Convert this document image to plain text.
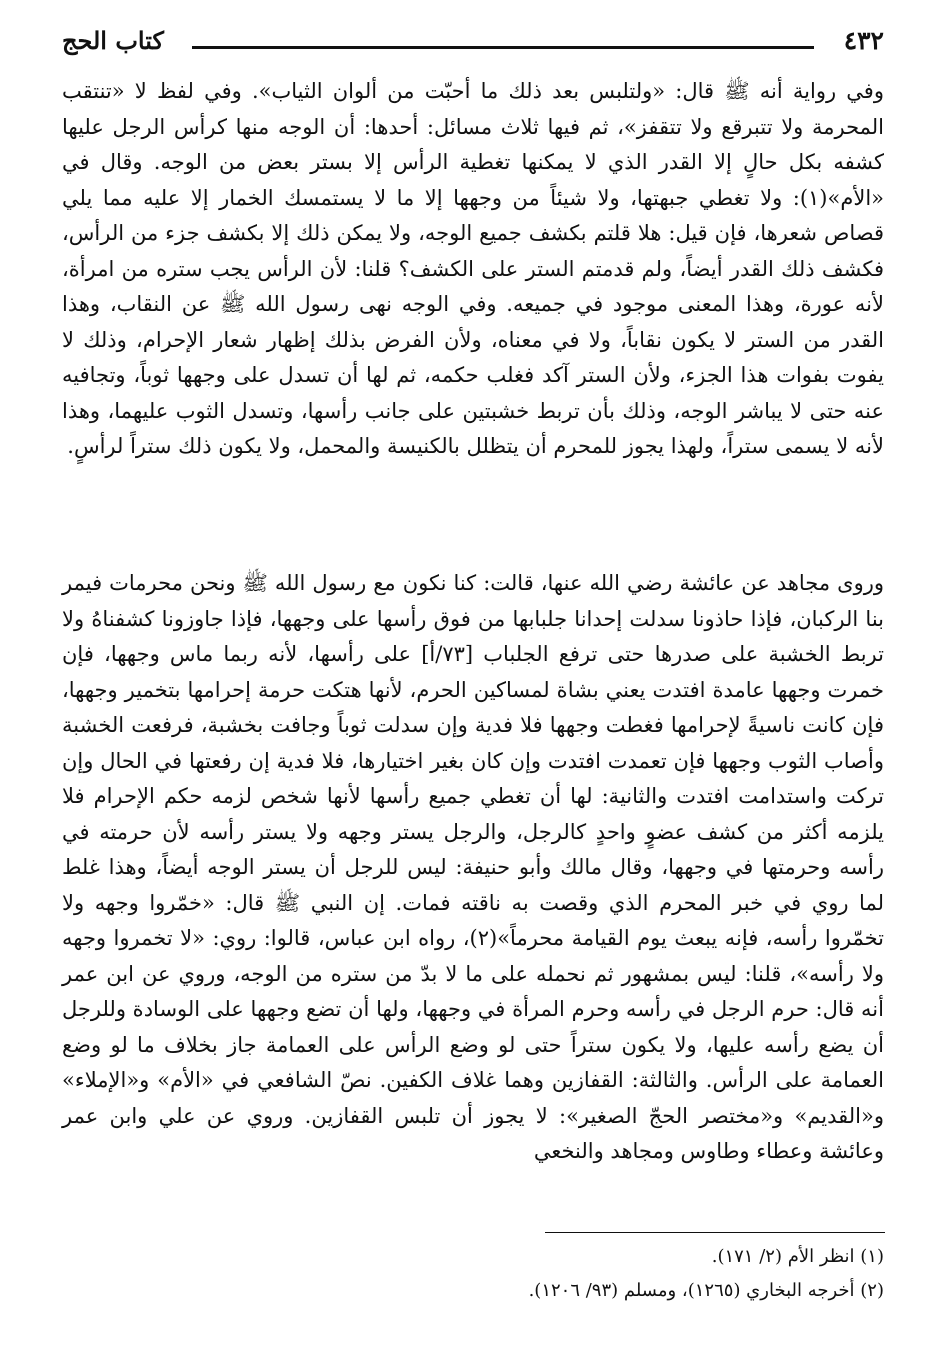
٤٣٢
كتاب الحج

وفي رواية أنه ﷺ قال: «ولتلبس بعد ذلك ما أحبّت من ألوان الثياب». وفي لفظ لا «تنتقب المحرمة ولا تتبرقع ولا تتقفز»، ثم فيها ثلاث مسائل: أحدها: أن الوجه منها كرأس الرجل عليها كشفه بكل حالٍ إلا القدر الذي لا يمكنها تغطية الرأس إلا بستر بعض من الوجه. وقال في «الأم»(١): ولا تغطي جبهتها، ولا شيئاً من وجهها إلا ما لا يستمسك الخمار إلا عليه مما يلي قصاص شعرها، فإن قيل: هلا قلتم بكشف جميع الوجه، ولا يمكن ذلك إلا بكشف جزء من الرأس، فكشف ذلك القدر أيضاً، ولم قدمتم الستر على الكشف؟ قلنا: لأن الرأس يجب ستره من امرأة، لأنه عورة، وهذا المعنى موجود في جميعه. وفي الوجه نهى رسول الله ﷺ عن النقاب، وهذا القدر من الستر لا يكون نقاباً، ولا في معناه، ولأن الفرض بذلك إظهار شعار الإحرام، وذلك لا يفوت بفوات هذا الجزء، ولأن الستر آكد فغلب حكمه، ثم لها أن تسدل على وجهها ثوباً، وتجافيه عنه حتى لا يباشر الوجه، وذلك بأن تربط خشبتين على جانب رأسها، وتسدل الثوب عليهما، وهذا لأنه لا يسمى ستراً، ولهذا يجوز للمحرم أن يتظلل بالكنيسة والمحمل، ولا يكون ذلك ستراً لرأسٍ.

وروى مجاهد عن عائشة رضي الله عنها، قالت: كنا نكون مع رسول الله ﷺ ونحن محرمات فيمر بنا الركبان، فإذا حاذونا سدلت إحدانا جلبابها من فوق رأسها على وجهها، فإذا جاوزونا كشفناهُ ولا تربط الخشبة على صدرها حتى ترفع الجلباب [٧٣/أ] على رأسها، لأنه ربما ماس وجهها، فإن خمرت وجهها عامدة افتدت يعني بشاة لمساكين الحرم، لأنها هتكت حرمة إحرامها بتخمير وجهها، فإن كانت ناسيةً لإحرامها فغطت وجهها فلا فدية وإن سدلت ثوباً وجافت بخشبة، فرفعت الخشبة وأصاب الثوب وجهها فإن تعمدت افتدت وإن كان بغير اختيارها، فلا فدية إن رفعتها في الحال وإن تركت واستدامت افتدت والثانية: لها أن تغطي جميع رأسها لأنها شخص لزمه حكم الإحرام فلا يلزمه أكثر من كشف عضوٍ واحدٍ كالرجل، والرجل يستر وجهه ولا يستر رأسه لأن حرمته في رأسه وحرمتها في وجهها، وقال مالك وأبو حنيفة: ليس للرجل أن يستر الوجه أيضاً، وهذا غلط لما روي في خبر المحرم الذي وقصت به ناقته فمات. إن النبي ﷺ قال: «خمّروا وجهه ولا تخمّروا رأسه، فإنه يبعث يوم القيامة محرماً»(٢)، رواه ابن عباس، قالوا: روي: «لا تخمروا وجهه ولا رأسه»، قلنا: ليس بمشهور ثم نحمله على ما لا بدّ من ستره من الوجه، وروي عن ابن عمر أنه قال: حرم الرجل في رأسه وحرم المرأة في وجهها، ولها أن تضع وجهها على الوسادة وللرجل أن يضع رأسه عليها، ولا يكون ستراً حتى لو وضع الرأس على العمامة جاز بخلاف ما لو وضع العمامة على الرأس. والثالثة: القفازين وهما غلاف الكفين. نصّ الشافعي في «الأم» و«الإملاء» و«القديم» و«مختصر الحجّ الصغير»: لا يجوز أن تلبس القفازين. وروي عن علي وابن عمر وعائشة وعطاء وطاوس ومجاهد والنخعي

(١) انظر الأم (٢/ ١٧١).

(٢) أخرجه البخاري (١٢٦٥)، ومسلم (٩٣/ ١٢٠٦).
